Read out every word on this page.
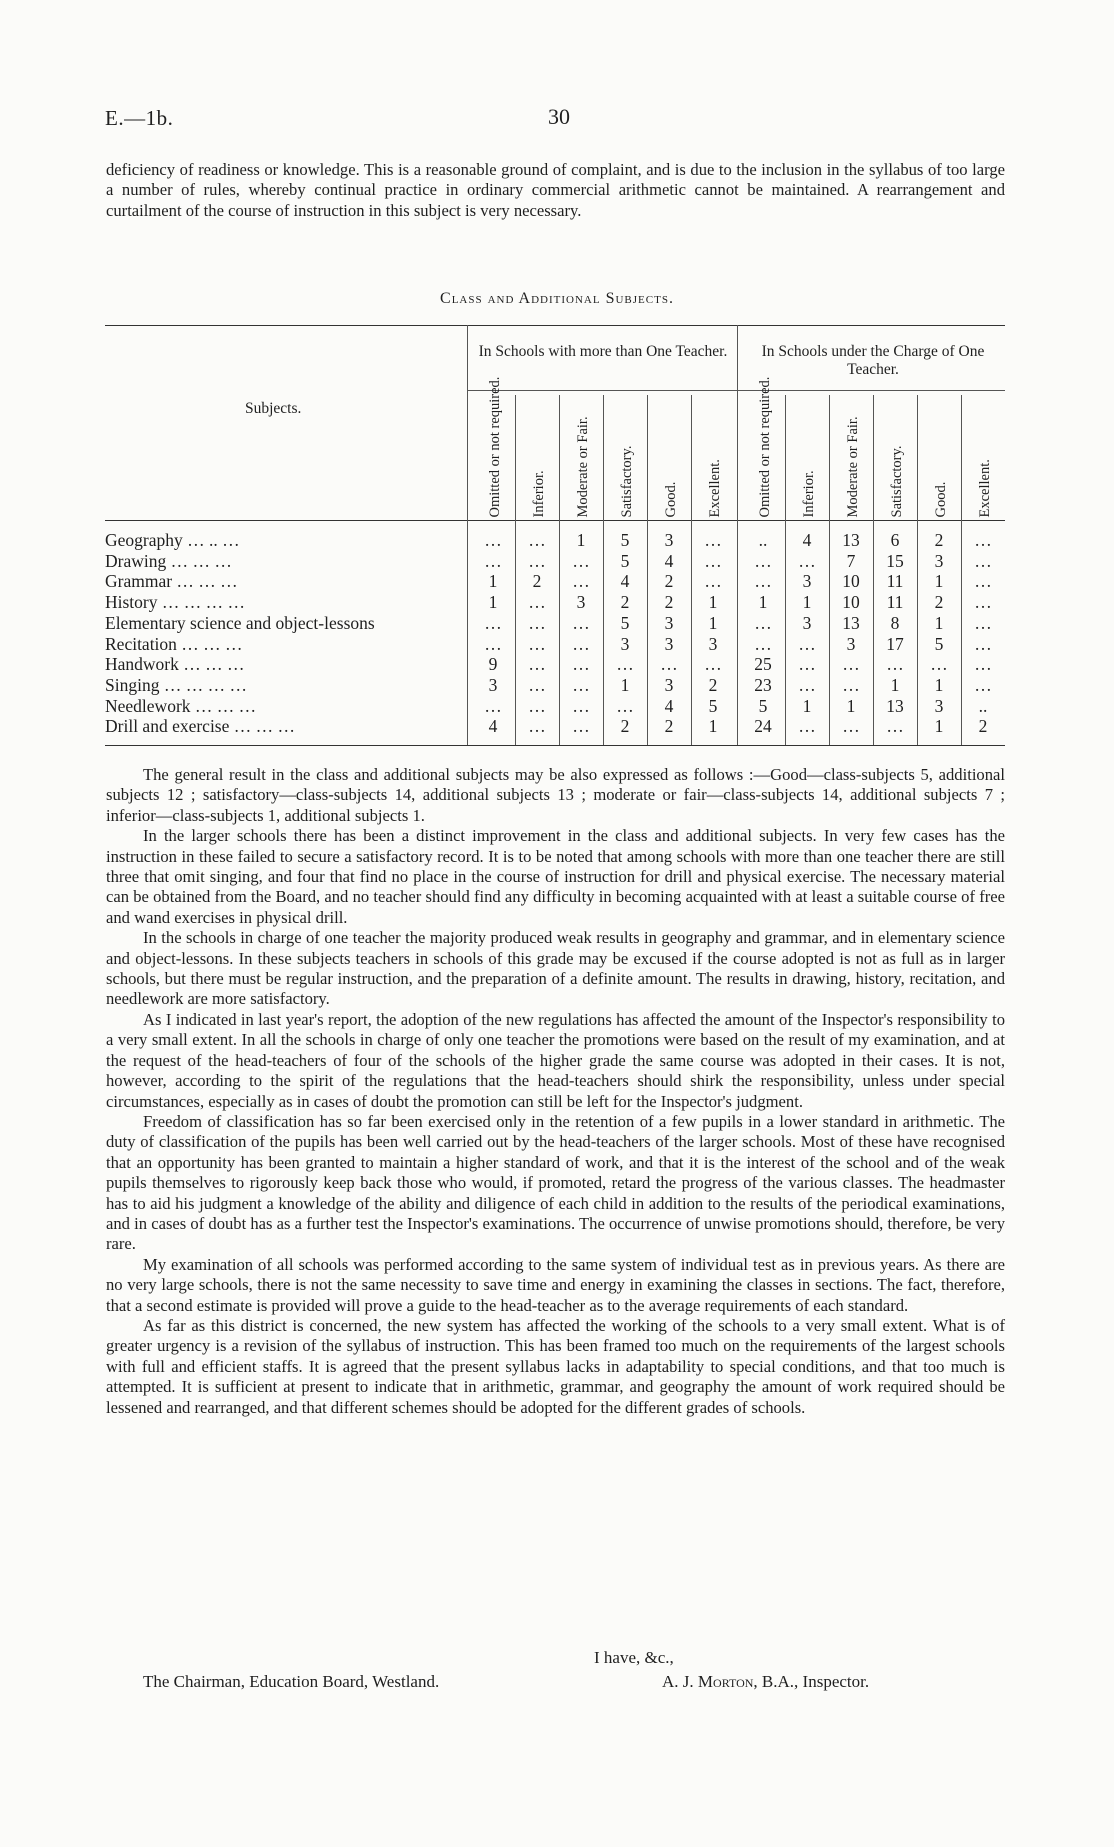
E.—1b.	30

deficiency of readiness or knowledge. This is a reasonable ground of complaint, and is due to the inclusion in the syllabus of too large a number of rules, whereby continual practice in ordinary commercial arithmetic cannot be maintained. A rearrangement and curtailment of the course of instruction in this subject is very necessary.

Class and Additional Subjects.
In Schools with more than One Teacher.	In Schools under the Charge of One Teacher.
Subjects.	Omitted or not required. Inferior. Moderate or Fair. Satisfactory. Good. Excellent. Omitted or not required. Inferior. Moderate or Fair. Satisfactory. Good. Excellent.
Geography … .. …	…	…	1	5	3	…	..	4	13	6	2	…
Drawing … … …	…	…	…	5	4	…	…	…	7	15	3	…
Grammar … … …	1	2	…	4	2	…	…	3	10	11	1	…
History … … … …	1	…	3	2	2	1	1	1	10	11	2	…
Elementary science and object-lessons	…	…	…	5	3	1	…	3	13	8	1	…
Recitation … … …	…	…	…	3	3	3	…	…	3	17	5	…
Handwork … … …	9	…	…	…	…	…	25	…	…	…	…	…
Singing … … … …	3	…	…	1	3	2	23	…	…	1	1	…
Needlework … … …	…	…	…	…	4	5	5	1	1	13	3	..
Drill and exercise … … …	4	…	…	2	2	1	24	…	…	…	1	2

The general result in the class and additional subjects may be also expressed as follows :—Good—class-subjects 5, additional subjects 12 ; satisfactory—class-subjects 14, additional subjects 13 ; moderate or fair—class-subjects 14, additional subjects 7 ; inferior—class-subjects 1, additional subjects 1.

In the larger schools there has been a distinct improvement in the class and additional subjects. In very few cases has the instruction in these failed to secure a satisfactory record. It is to be noted that among schools with more than one teacher there are still three that omit singing, and four that find no place in the course of instruction for drill and physical exercise. The necessary material can be obtained from the Board, and no teacher should find any difficulty in becoming acquainted with at least a suitable course of free and wand exercises in physical drill.

In the schools in charge of one teacher the majority produced weak results in geography and grammar, and in elementary science and object-lessons. In these subjects teachers in schools of this grade may be excused if the course adopted is not as full as in larger schools, but there must be regular instruction, and the preparation of a definite amount. The results in drawing, history, recitation, and needlework are more satisfactory.

As I indicated in last year's report, the adoption of the new regulations has affected the amount of the Inspector's responsibility to a very small extent. In all the schools in charge of only one teacher the promotions were based on the result of my examination, and at the request of the head-teachers of four of the schools of the higher grade the same course was adopted in their cases. It is not, however, according to the spirit of the regulations that the head-teachers should shirk the responsibility, unless under special circumstances, especially as in cases of doubt the promotion can still be left for the Inspector's judgment.

Freedom of classification has so far been exercised only in the retention of a few pupils in a lower standard in arithmetic. The duty of classification of the pupils has been well carried out by the head-teachers of the larger schools. Most of these have recognised that an opportunity has been granted to maintain a higher standard of work, and that it is the interest of the school and of the weak pupils themselves to rigorously keep back those who would, if promoted, retard the progress of the various classes. The headmaster has to aid his judgment a knowledge of the ability and diligence of each child in addition to the results of the periodical examinations, and in cases of doubt has as a further test the Inspector's examinations. The occurrence of unwise promotions should, therefore, be very rare.

My examination of all schools was performed according to the same system of individual test as in previous years. As there are no very large schools, there is not the same necessity to save time and energy in examining the classes in sections. The fact, therefore, that a second estimate is provided will prove a guide to the head-teacher as to the average requirements of each standard.

As far as this district is concerned, the new system has affected the working of the schools to a very small extent. What is of greater urgency is a revision of the syllabus of instruction. This has been framed too much on the requirements of the largest schools with full and efficient staffs. It is agreed that the present syllabus lacks in adaptability to special conditions, and that too much is attempted. It is sufficient at present to indicate that in arithmetic, grammar, and geography the amount of work required should be lessened and rearranged, and that different schemes should be adopted for the different grades of schools.

I have, &c.,
The Chairman, Education Board, Westland.	A. J. Morton, B.A., Inspector.
